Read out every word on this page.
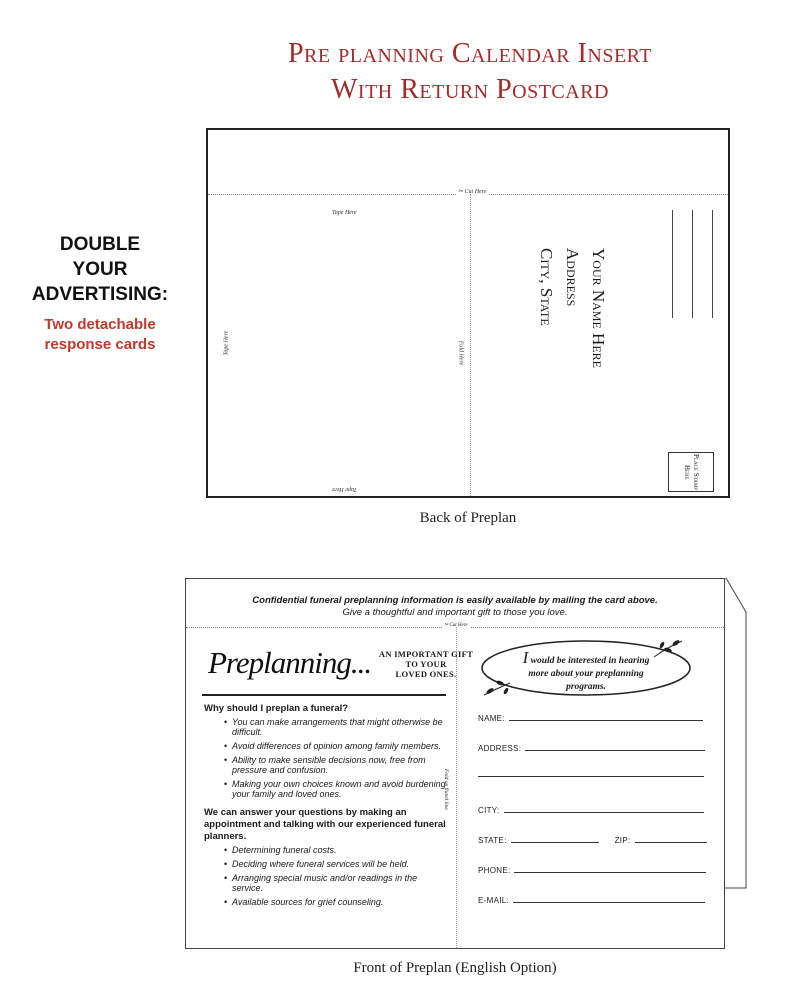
Pre planning Calendar Insert
With Return Postcard
DOUBLE
YOUR
ADVERTISING:
Two detachable
response cards
✂ Cut Here
Tape Here
Tape Here
Tape Here
Fold Here	Your Name Here
Address
City, State
Place Stamp Here
Back of Preplan
Confidential funeral preplanning information is easily available by mailing the card above.
Give a thoughtful and important gift to those you love.
✂ Cut Here
Fold on fluted line
Preplanning... AN IMPORTANT GIFT
TO YOUR
LOVED ONES.
Why should I preplan a funeral?
• You can make arrangements that might otherwise be difficult.
• Avoid differences of opinion among family members.
• Ability to make sensible decisions now, free from pressure and confusion.
• Making your own choices known and avoid burdening your family and loved ones.
We can answer your questions by making an appointment and talking with our experienced funeral planners.
• Determining funeral costs.
• Deciding where funeral services will be held.
• Arranging special music and/or readings in the service.
• Available sources for grief counseling.
I would be interested in hearing more about your preplanning programs.
NAME:
ADDRESS:
CITY:
STATE:	ZIP:
PHONE:
E-MAIL:
Front of Preplan (English Option)
